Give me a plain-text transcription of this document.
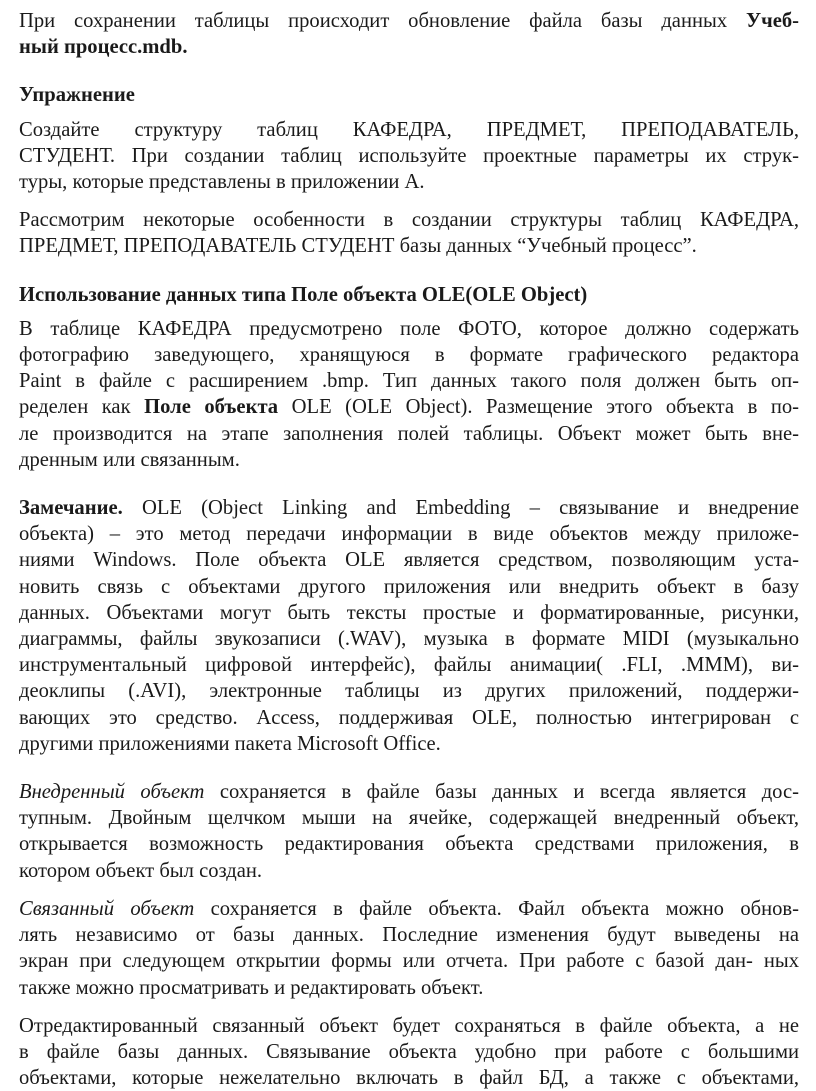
При сохранении таблицы происходит обновление файла базы данных Учеб-
ный процесс.mdb.

Упражнение

Создайте структуру таблиц КАФЕДРА, ПРЕДМЕТ, ПРЕПОДАВАТЕЛЬ,
СТУДЕНТ. При создании таблиц используйте проектные параметры их струк-
туры, которые представлены в приложении А.

Рассмотрим некоторые особенности в создании структуры таблиц КАФЕДРА,
ПРЕДМЕТ, ПРЕПОДАВАТЕЛЬ СТУДЕНТ базы данных “Учебный процесс”.

Использование данных типа Поле объекта OLE(OLE Object)

В таблице КАФЕДРА предусмотрено поле ФОТО, которое должно содержать
фотографию заведующего, хранящуюся в формате графического редактора
Paint в файле с расширением .bmp. Тип данных такого поля должен быть оп-
ределен как Поле объекта OLE (OLE Object). Размещение этого объекта в по-
ле производится на этапе заполнения полей таблицы. Объект может быть вне-
дренным или связанным.

Замечание. OLE (Object Linking and Embedding – связывание и внедрение
объекта) – это метод передачи информации в виде объектов между приложе-
ниями Windows. Поле объекта OLE является средством, позволяющим уста-
новить связь с объектами другого приложения или внедрить объект в базу
данных. Объектами могут быть тексты простые и форматированные, рисунки,
диаграммы, файлы звукозаписи (.WAV), музыка в формате MIDI (музыкально
инструментальный цифровой интерфейс), файлы анимации( .FLI, .MMM), ви-
деоклипы (.AVI), электронные таблицы из других приложений, поддержи-
вающих это средство. Access, поддерживая OLE, полностью интегрирован с
другими приложениями пакета Microsoft Office.

Внедренный объект сохраняется в файле базы данных и всегда является дос-
тупным. Двойным щелчком мыши на ячейке, содержащей внедренный объект,
открывается возможность редактирования объекта средствами приложения, в
котором объект был создан.

Связанный объект сохраняется в файле объекта. Файл объекта можно обнов-
лять независимо от базы данных. Последние изменения будут выведены на
экран при следующем открытии формы или отчета. При работе с базой дан- ных
также можно просматривать и редактировать объект.

Отредактированный связанный объект будет сохраняться в файле объекта, а не
в файле базы данных. Связывание объекта удобно при работе с большими
объектами, которые нежелательно включать в файл БД, а также с объектами,
